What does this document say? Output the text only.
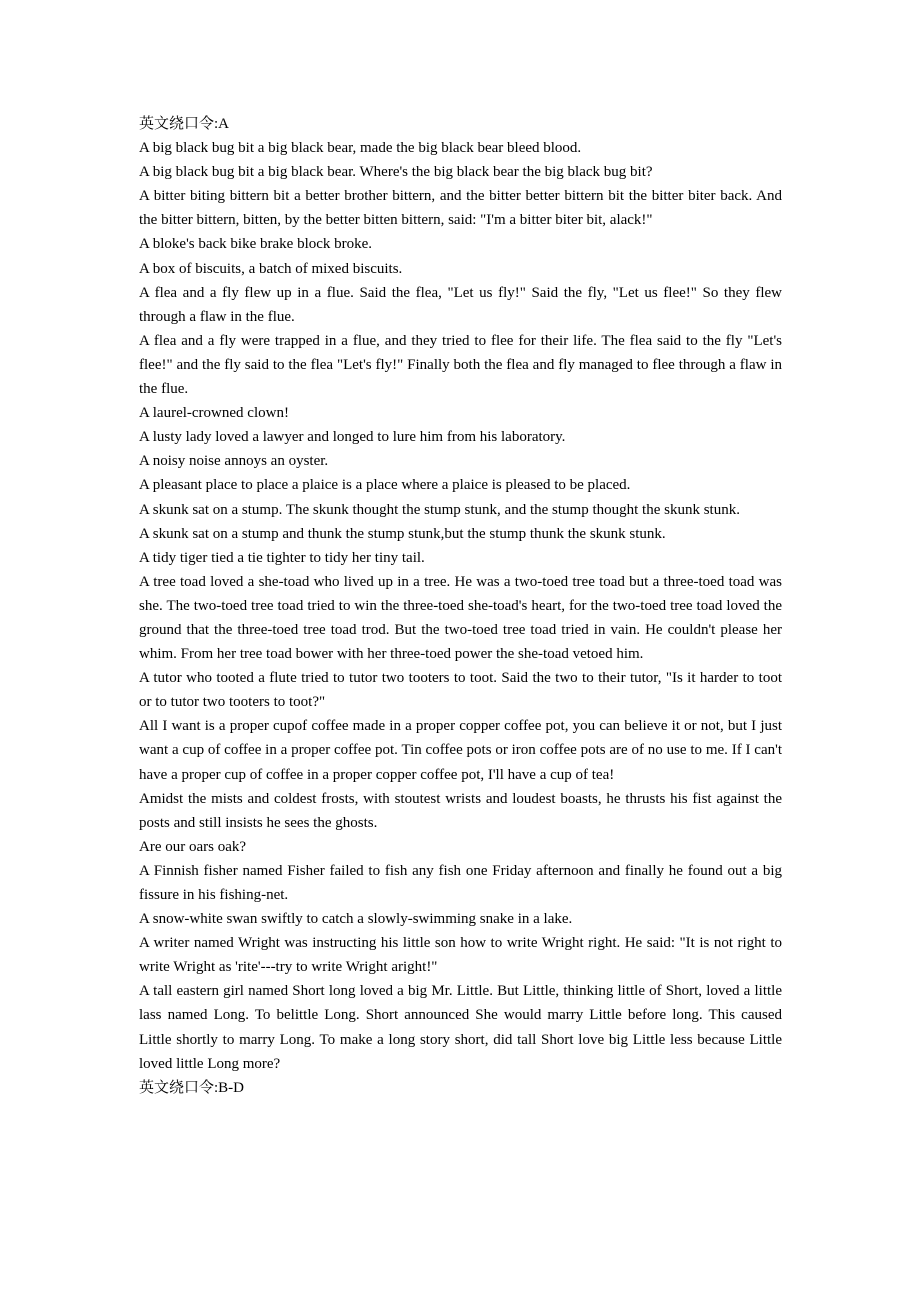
英文绕口令:A

A big black bug bit a big black bear, made the big black bear bleed blood.

A big black bug bit a big black bear. Where's the big black bear the big black bug bit?

A bitter biting bittern bit a better brother bittern, and the bitter better bittern bit the bitter biter back. And the bitter bittern, bitten, by the better bitten bittern, said: "I'm a bitter biter bit, alack!"

A bloke's back bike brake block broke.

A box of biscuits, a batch of mixed biscuits.

A flea and a fly flew up in a flue. Said the flea, "Let us fly!" Said the fly, "Let us flee!" So they flew through a flaw in the flue.

A flea and a fly were trapped in a flue, and they tried to flee for their life. The flea said to the fly "Let's flee!" and the fly said to the flea "Let's fly!" Finally both the flea and fly managed to flee through a flaw in the flue.

A laurel-crowned clown!

A lusty lady loved a lawyer and longed to lure him from his laboratory.

A noisy noise annoys an oyster.

A pleasant place to place a plaice is a place where a plaice is pleased to be placed.

A skunk sat on a stump. The skunk thought the stump stunk, and the stump thought the skunk stunk.

A skunk sat on a stump and thunk the stump stunk,but the stump thunk the skunk stunk.

A tidy tiger tied a tie tighter to tidy her tiny tail.

A tree toad loved a she-toad who lived up in a tree. He was a two-toed tree toad but a three-toed toad was she. The two-toed tree toad tried to win the three-toed she-toad's heart, for the two-toed tree toad loved the ground that the three-toed tree toad trod. But the two-toed tree toad tried in vain. He couldn't please her whim. From her tree toad bower with her three-toed power the she-toad vetoed him.

A tutor who tooted a flute tried to tutor two tooters to toot. Said the two to their tutor, "Is it harder to toot or to tutor two tooters to toot?"

All I want is a proper cupof coffee made in a proper copper coffee pot, you can believe it or not, but I just want a cup of coffee in a proper coffee pot. Tin coffee pots or iron coffee pots are of no use to me. If I can't have a proper cup of coffee in a proper copper coffee pot, I'll have a cup of tea!

Amidst the mists and coldest frosts, with stoutest wrists and loudest boasts, he thrusts his fist against the posts and still insists he sees the ghosts.

Are our oars oak?

A Finnish fisher named Fisher failed to fish any fish one Friday afternoon and finally he found out a big fissure in his fishing-net.

A snow-white swan swiftly to catch a slowly-swimming snake in a lake.

A writer named Wright was instructing his little son how to write Wright right. He said: "It is not right to write Wright as 'rite'---try to write Wright aright!"

A tall eastern girl named Short long loved a big Mr. Little. But Little, thinking little of Short, loved a little lass named Long. To belittle Long. Short announced She would marry Little before long. This caused Little shortly to marry Long. To make a long story short, did tall Short love big Little less because Little loved little Long more?

英文绕口令:B-D
